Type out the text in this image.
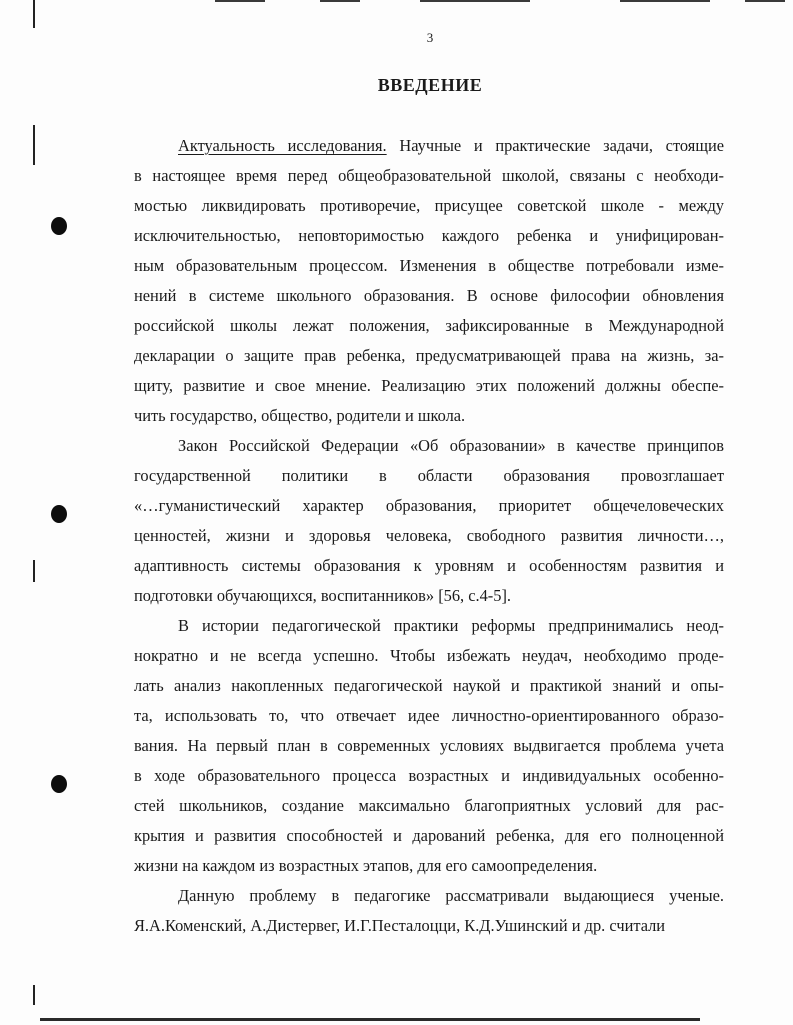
3
ВВЕДЕНИЕ
Актуальность исследования. Научные и практические задачи, стоящие
в настоящее время перед общеобразовательной школой, связаны с необходи-
мостью ликвидировать противоречие, присущее советской школе - между
исключительностью, неповторимостью каждого ребенка и унифицирован-
ным образовательным процессом. Изменения в обществе потребовали изме-
нений в системе школьного образования. В основе философии обновления
российской школы лежат положения, зафиксированные в Международной
декларации о защите прав ребенка, предусматривающей права на жизнь, за-
щиту, развитие и свое мнение. Реализацию этих положений должны обеспе-
чить государство, общество, родители и школа.
Закон Российской Федерации «Об образовании» в качестве принципов
государственной политики в области образования провозглашает
«…гуманистический характер образования, приоритет общечеловеческих
ценностей, жизни и здоровья человека, свободного развития личности…,
адаптивность системы образования к уровням и особенностям развития и
подготовки обучающихся, воспитанников» [56, с.4-5].
В истории педагогической практики реформы предпринимались неод-
нократно и не всегда успешно. Чтобы избежать неудач, необходимо проде-
лать анализ накопленных педагогической наукой и практикой знаний и опы-
та, использовать то, что отвечает идее личностно-ориентированного образо-
вания. На первый план в современных условиях выдвигается проблема учета
в ходе образовательного процесса возрастных и индивидуальных особенно-
стей школьников, создание максимально благоприятных условий для рас-
крытия и развития способностей и дарований ребенка, для его полноценной
жизни на каждом из возрастных этапов, для его самоопределения.
Данную проблему в педагогике рассматривали выдающиеся ученые.
Я.А.Коменский, А.Дистервег, И.Г.Песталоцци, К.Д.Ушинский и др. считали
